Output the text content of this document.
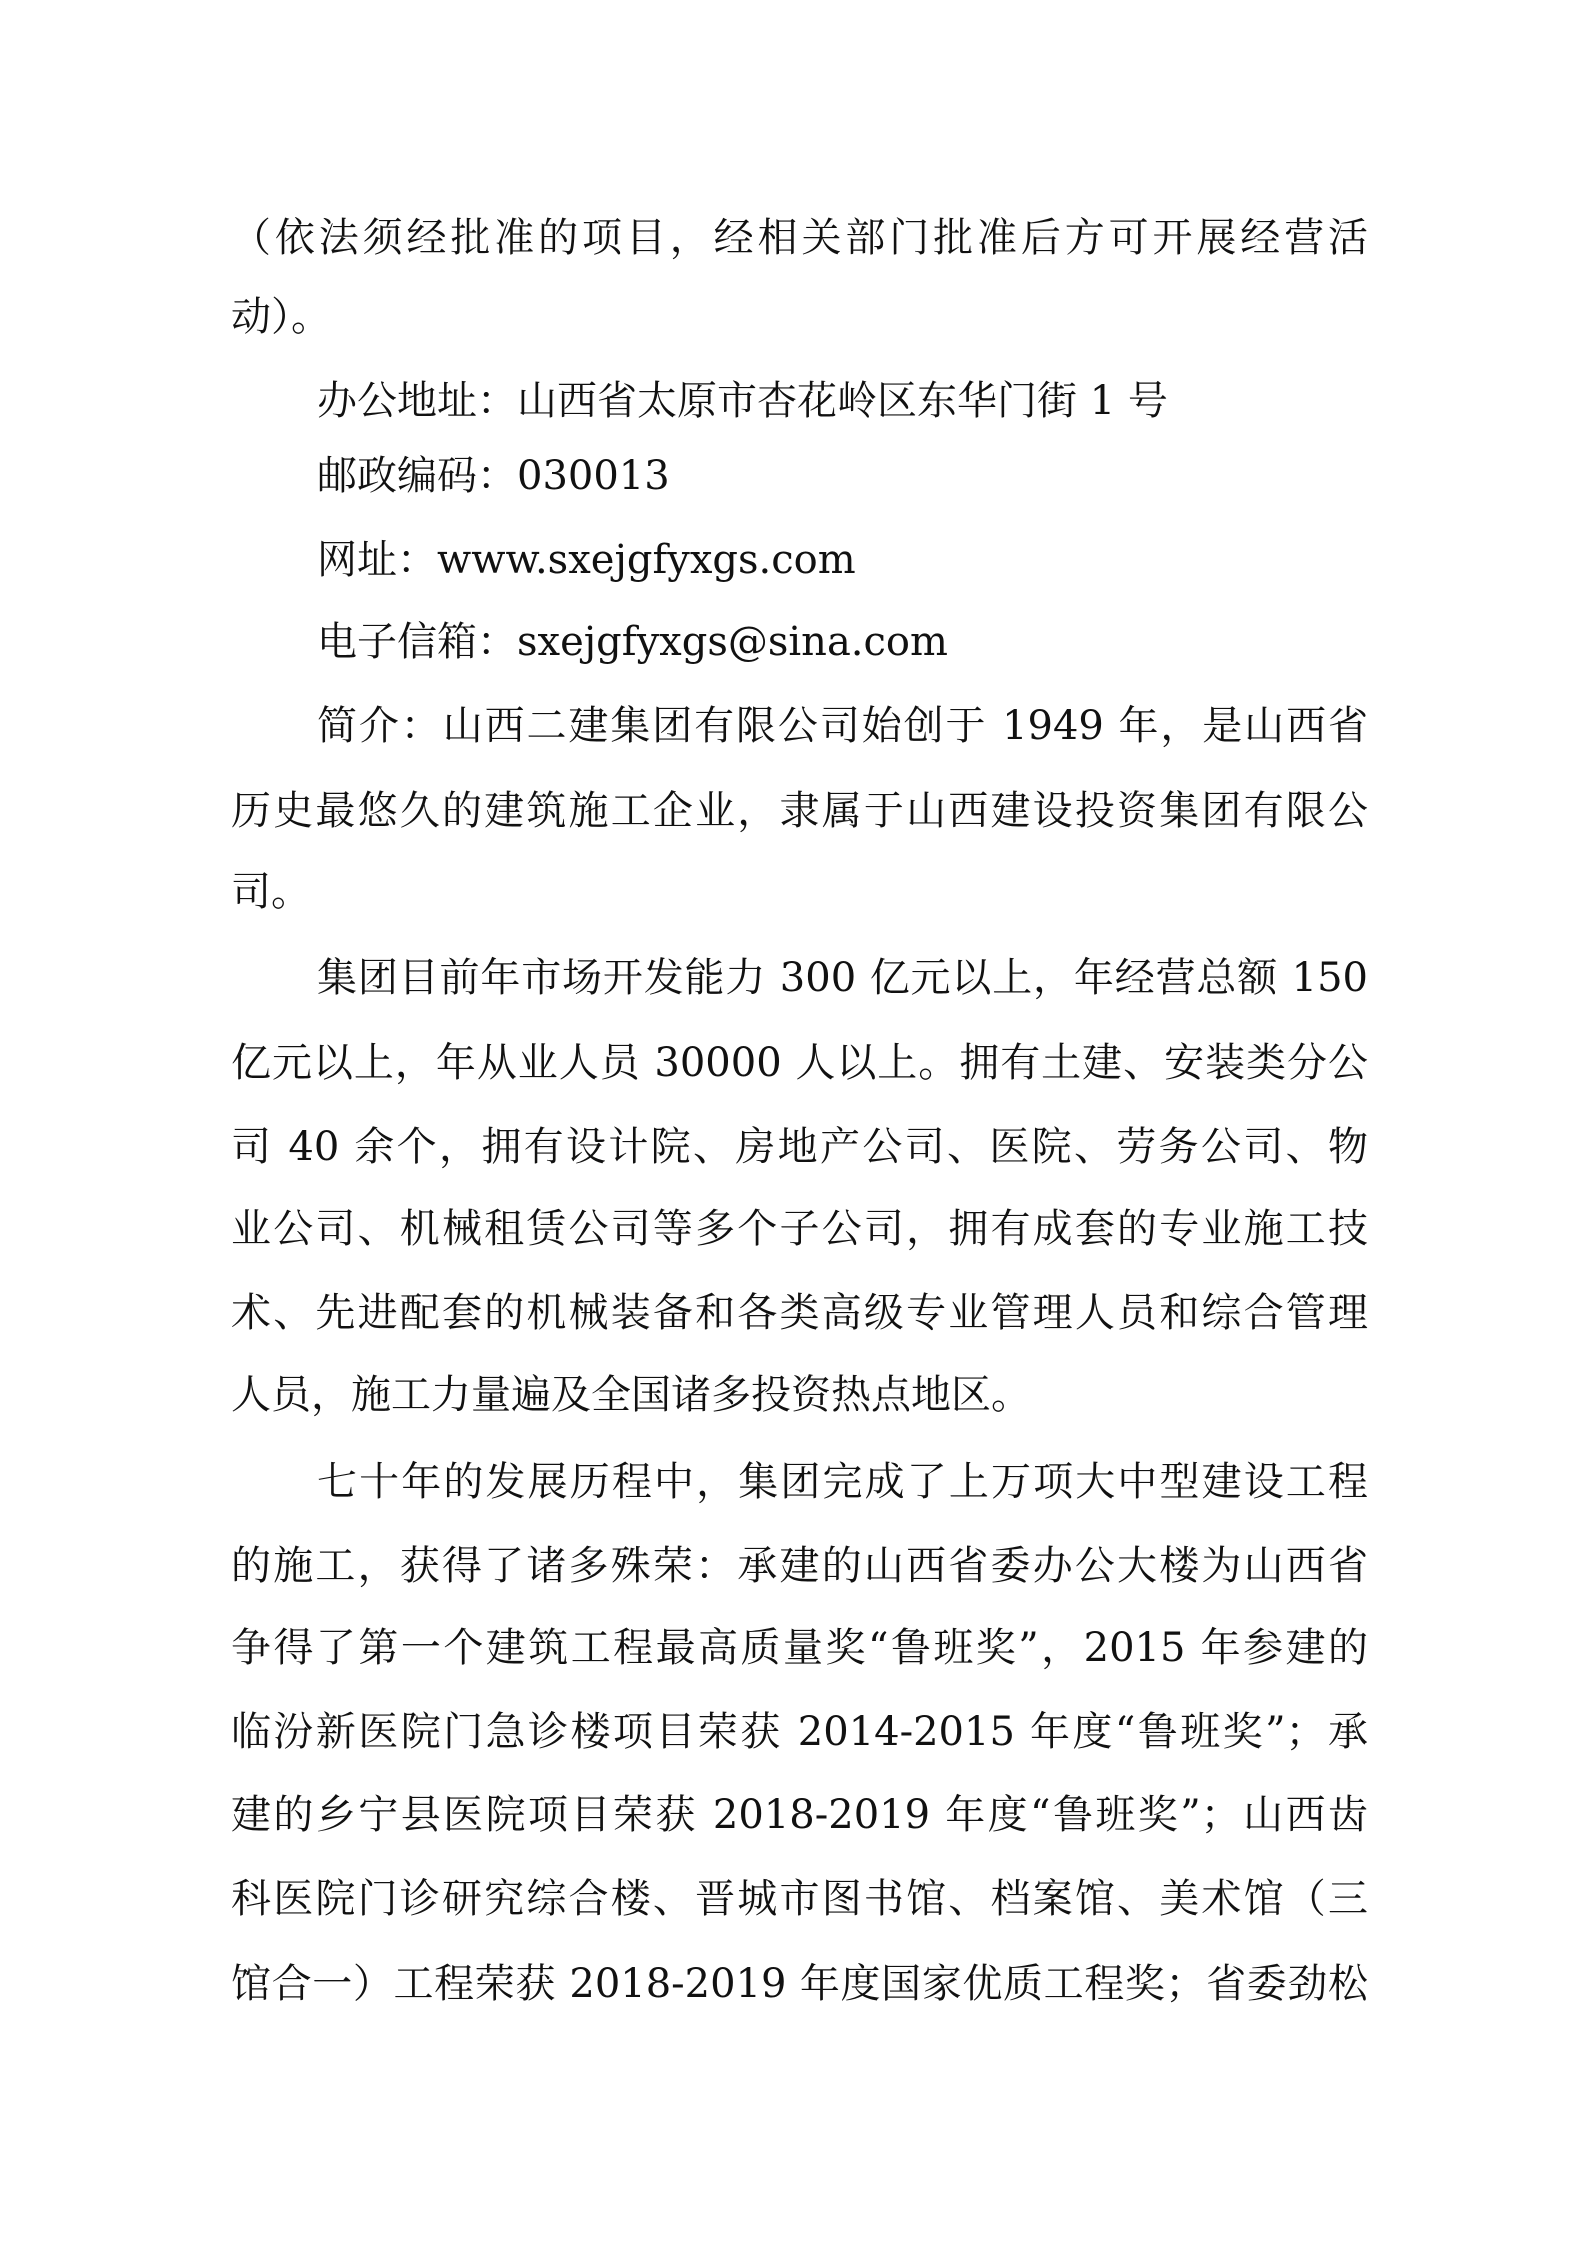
（依法须经批准的项目，经相关部门批准后方可开展经营活
动）。
办公地址：山西省太原市杏花岭区东华门街 1 号
邮政编码：030013
网址：www.sxejgfyxgs.com
电子信箱：sxejgfyxgs@sina.com
简介：山西二建集团有限公司始创于 1949 年，是山西省
历史最悠久的建筑施工企业，隶属于山西建设投资集团有限公
司。
集团目前年市场开发能力 300 亿元以上，年经营总额 150
亿元以上，年从业人员 30000 人以上。拥有土建、安装类分公
司 40 余个，拥有设计院、房地产公司、医院、劳务公司、物
业公司、机械租赁公司等多个子公司，拥有成套的专业施工技
术、先进配套的机械装备和各类高级专业管理人员和综合管理
人员，施工力量遍及全国诸多投资热点地区。
七十年的发展历程中，集团完成了上万项大中型建设工程
的施工，获得了诸多殊荣：承建的山西省委办公大楼为山西省
争得了第一个建筑工程最高质量奖“鲁班奖”，2015 年参建的
临汾新医院门急诊楼项目荣获 2014-2015 年度“鲁班奖”；承
建的乡宁县医院项目荣获 2018-2019 年度“鲁班奖”；山西齿
科医院门诊研究综合楼、晋城市图书馆、档案馆、美术馆（三
馆合一）工程荣获 2018-2019 年度国家优质工程奖；省委劲松
